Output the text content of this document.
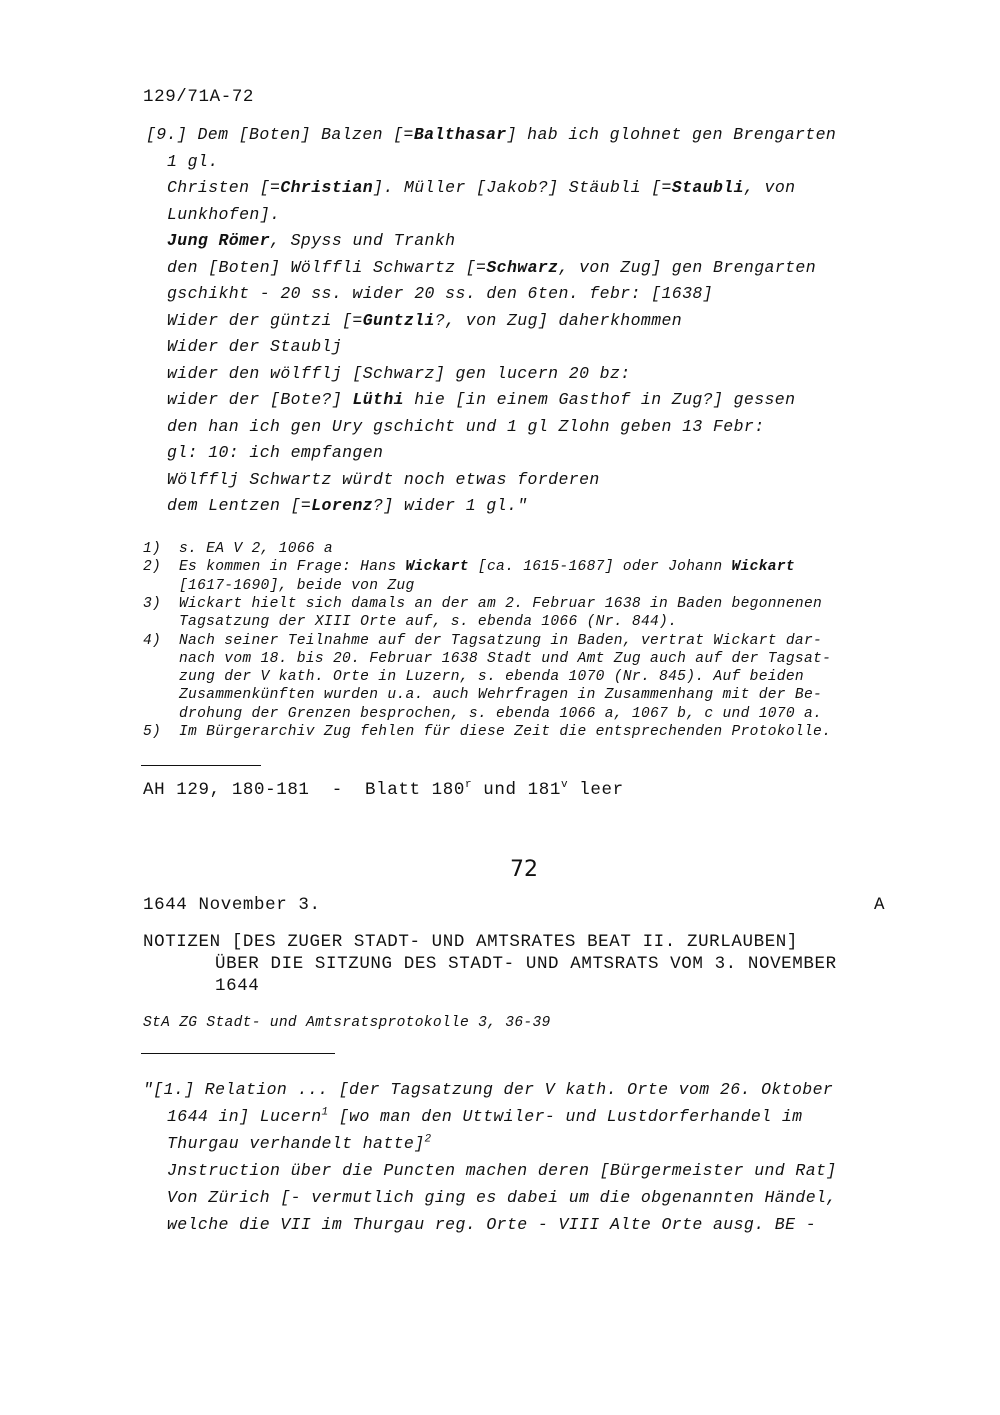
129/71A-72
[9.] Dem [Boten] Balzen [=Balthasar] hab ich glohnet gen Brengarten
1 gl.
Christen [=Christian]. Müller [Jakob?] Stäubli [=Staubli, von
Lunkhofen].
Jung Römer, Spyss und Trankh
den [Boten] Wölffli Schwartz [=Schwarz, von Zug] gen Brengarten
gschikht - 20 ss. wider 20 ss. den 6ten. febr: [1638]
Wider der güntzi [=Guntzli?, von Zug] daherkhommen
Wider der Staublj
wider den wölfflj [Schwarz] gen lucern 20 bz:
wider der [Bote?] Lüthi hie [in einem Gasthof in Zug?] gessen
den han ich gen Ury gschicht und 1 gl Zlohn geben 13 Febr:
gl: 10: ich empfangen
Wölfflj Schwartz würdt noch etwas forderen
dem Lentzen [=Lorenz?] wider 1 gl."
1) s. EA V 2, 1066 a
2) Es kommen in Frage: Hans Wickart [ca. 1615-1687] oder Johann Wickart
[1617-1690], beide von Zug
3) Wickart hielt sich damals an der am 2. Februar 1638 in Baden begonnenen
Tagsatzung der XIII Orte auf, s. ebenda 1066 (Nr. 844).
4) Nach seiner Teilnahme auf der Tagsatzung in Baden, vertrat Wickart dar-
nach vom 18. bis 20. Februar 1638 Stadt und Amt Zug auch auf der Tagsat-
zung der V kath. Orte in Luzern, s. ebenda 1070 (Nr. 845). Auf beiden
Zusammenkünften wurden u.a. auch Wehrfragen in Zusammenhang mit der Be-
drohung der Grenzen besprochen, s. ebenda 1066 a, 1067 b, c und 1070 a.
5) Im Bürgerarchiv Zug fehlen für diese Zeit die entsprechenden Protokolle.
AH 129, 180-181  -  Blatt 180$^r$ und 181$^v$ leer
72
1644 November 3.	A
NOTIZEN [DES ZUGER STADT- UND AMTSRATES BEAT II. ZURLAUBEN]
ÜBER DIE SITZUNG DES STADT- UND AMTSRATS VOM 3. NOVEMBER
1644
StA ZG Stadt- und Amtsratsprotokolle 3, 36-39
"[1.] Relation ... [der Tagsatzung der V kath. Orte vom 26. Oktober
1644 in] Lucern$^1$ [wo man den Uttwiler- und Lustdorferhandel im
Thurgau verhandelt hatte]$^2$
Jnstruction über die Puncten machen deren [Bürgermeister und Rat]
Von Zürich [- vermutlich ging es dabei um die obgenannten Händel,
welche die VII im Thurgau reg. Orte - VIII Alte Orte ausg. BE -
